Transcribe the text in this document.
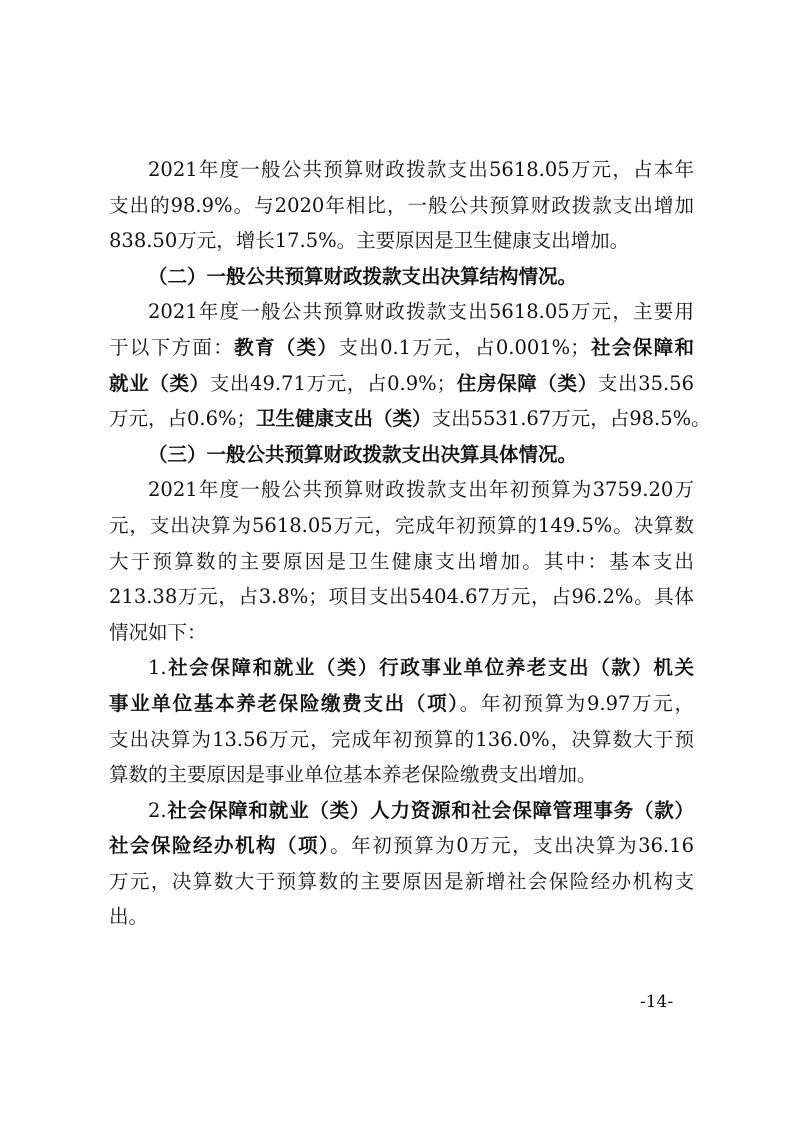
2021年度一般公共预算财政拨款支出5618.05万元，占本年
支出的98.9%。与2020年相比，一般公共预算财政拨款支出增加
838.50万元，增长17.5%。主要原因是卫生健康支出增加。
（二）一般公共预算财政拨款支出决算结构情况。
2021年度一般公共预算财政拨款支出5618.05万元，主要用
于以下方面：教育（类）支出0.1万元，占0.001%；社会保障和
就业（类）支出49.71万元，占0.9%；住房保障（类）支出35.56
万元，占0.6%；卫生健康支出（类）支出5531.67万元，占98.5%。
（三）一般公共预算财政拨款支出决算具体情况。
2021年度一般公共预算财政拨款支出年初预算为3759.20万
元，支出决算为5618.05万元，完成年初预算的149.5%。决算数
大于预算数的主要原因是卫生健康支出增加。其中：基本支出
213.38万元，占3.8%；项目支出5404.67万元，占96.2%。具体
情况如下：
1.社会保障和就业（类）行政事业单位养老支出（款）机关
事业单位基本养老保险缴费支出（项）。年初预算为9.97万元，
支出决算为13.56万元，完成年初预算的136.0%，决算数大于预
算数的主要原因是事业单位基本养老保险缴费支出增加。
2.社会保障和就业（类）人力资源和社会保障管理事务（款）
社会保险经办机构（项）。年初预算为0万元，支出决算为36.16
万元，决算数大于预算数的主要原因是新增社会保险经办机构支
出。
-14-
